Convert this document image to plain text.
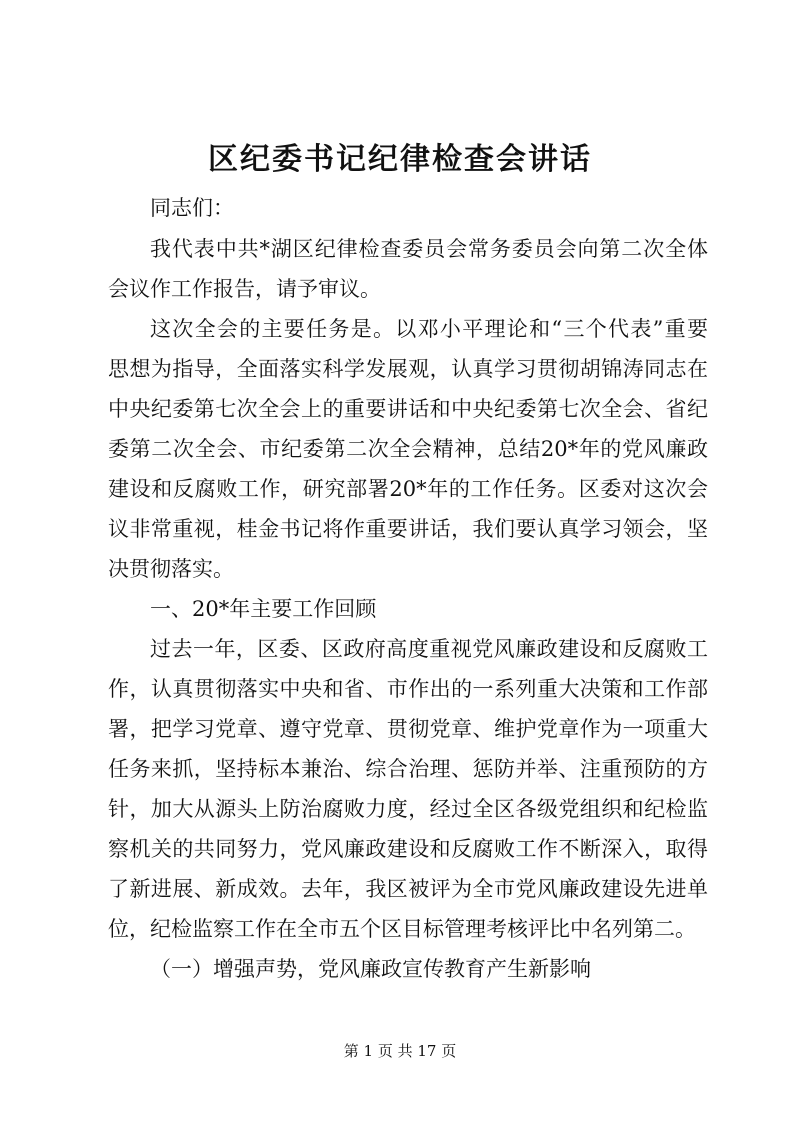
区纪委书记纪律检查会讲话
同志们：
我代表中共*湖区纪律检查委员会常务委员会向第二次全体
会议作工作报告，请予审议。
这次全会的主要任务是。以邓小平理论和“三个代表”重要
思想为指导，全面落实科学发展观，认真学习贯彻胡锦涛同志在
中央纪委第七次全会上的重要讲话和中央纪委第七次全会、省纪
委第二次全会、市纪委第二次全会精神，总结20*年的党风廉政
建设和反腐败工作，研究部署20*年的工作任务。区委对这次会
议非常重视，桂金书记将作重要讲话，我们要认真学习领会，坚
决贯彻落实。
一、20*年主要工作回顾
过去一年，区委、区政府高度重视党风廉政建设和反腐败工
作，认真贯彻落实中央和省、市作出的一系列重大决策和工作部
署，把学习党章、遵守党章、贯彻党章、维护党章作为一项重大
任务来抓，坚持标本兼治、综合治理、惩防并举、注重预防的方
针，加大从源头上防治腐败力度，经过全区各级党组织和纪检监
察机关的共同努力，党风廉政建设和反腐败工作不断深入，取得
了新进展、新成效。去年，我区被评为全市党风廉政建设先进单
位，纪检监察工作在全市五个区目标管理考核评比中名列第二。
（一）增强声势，党风廉政宣传教育产生新影响
第 1 页 共 17 页
